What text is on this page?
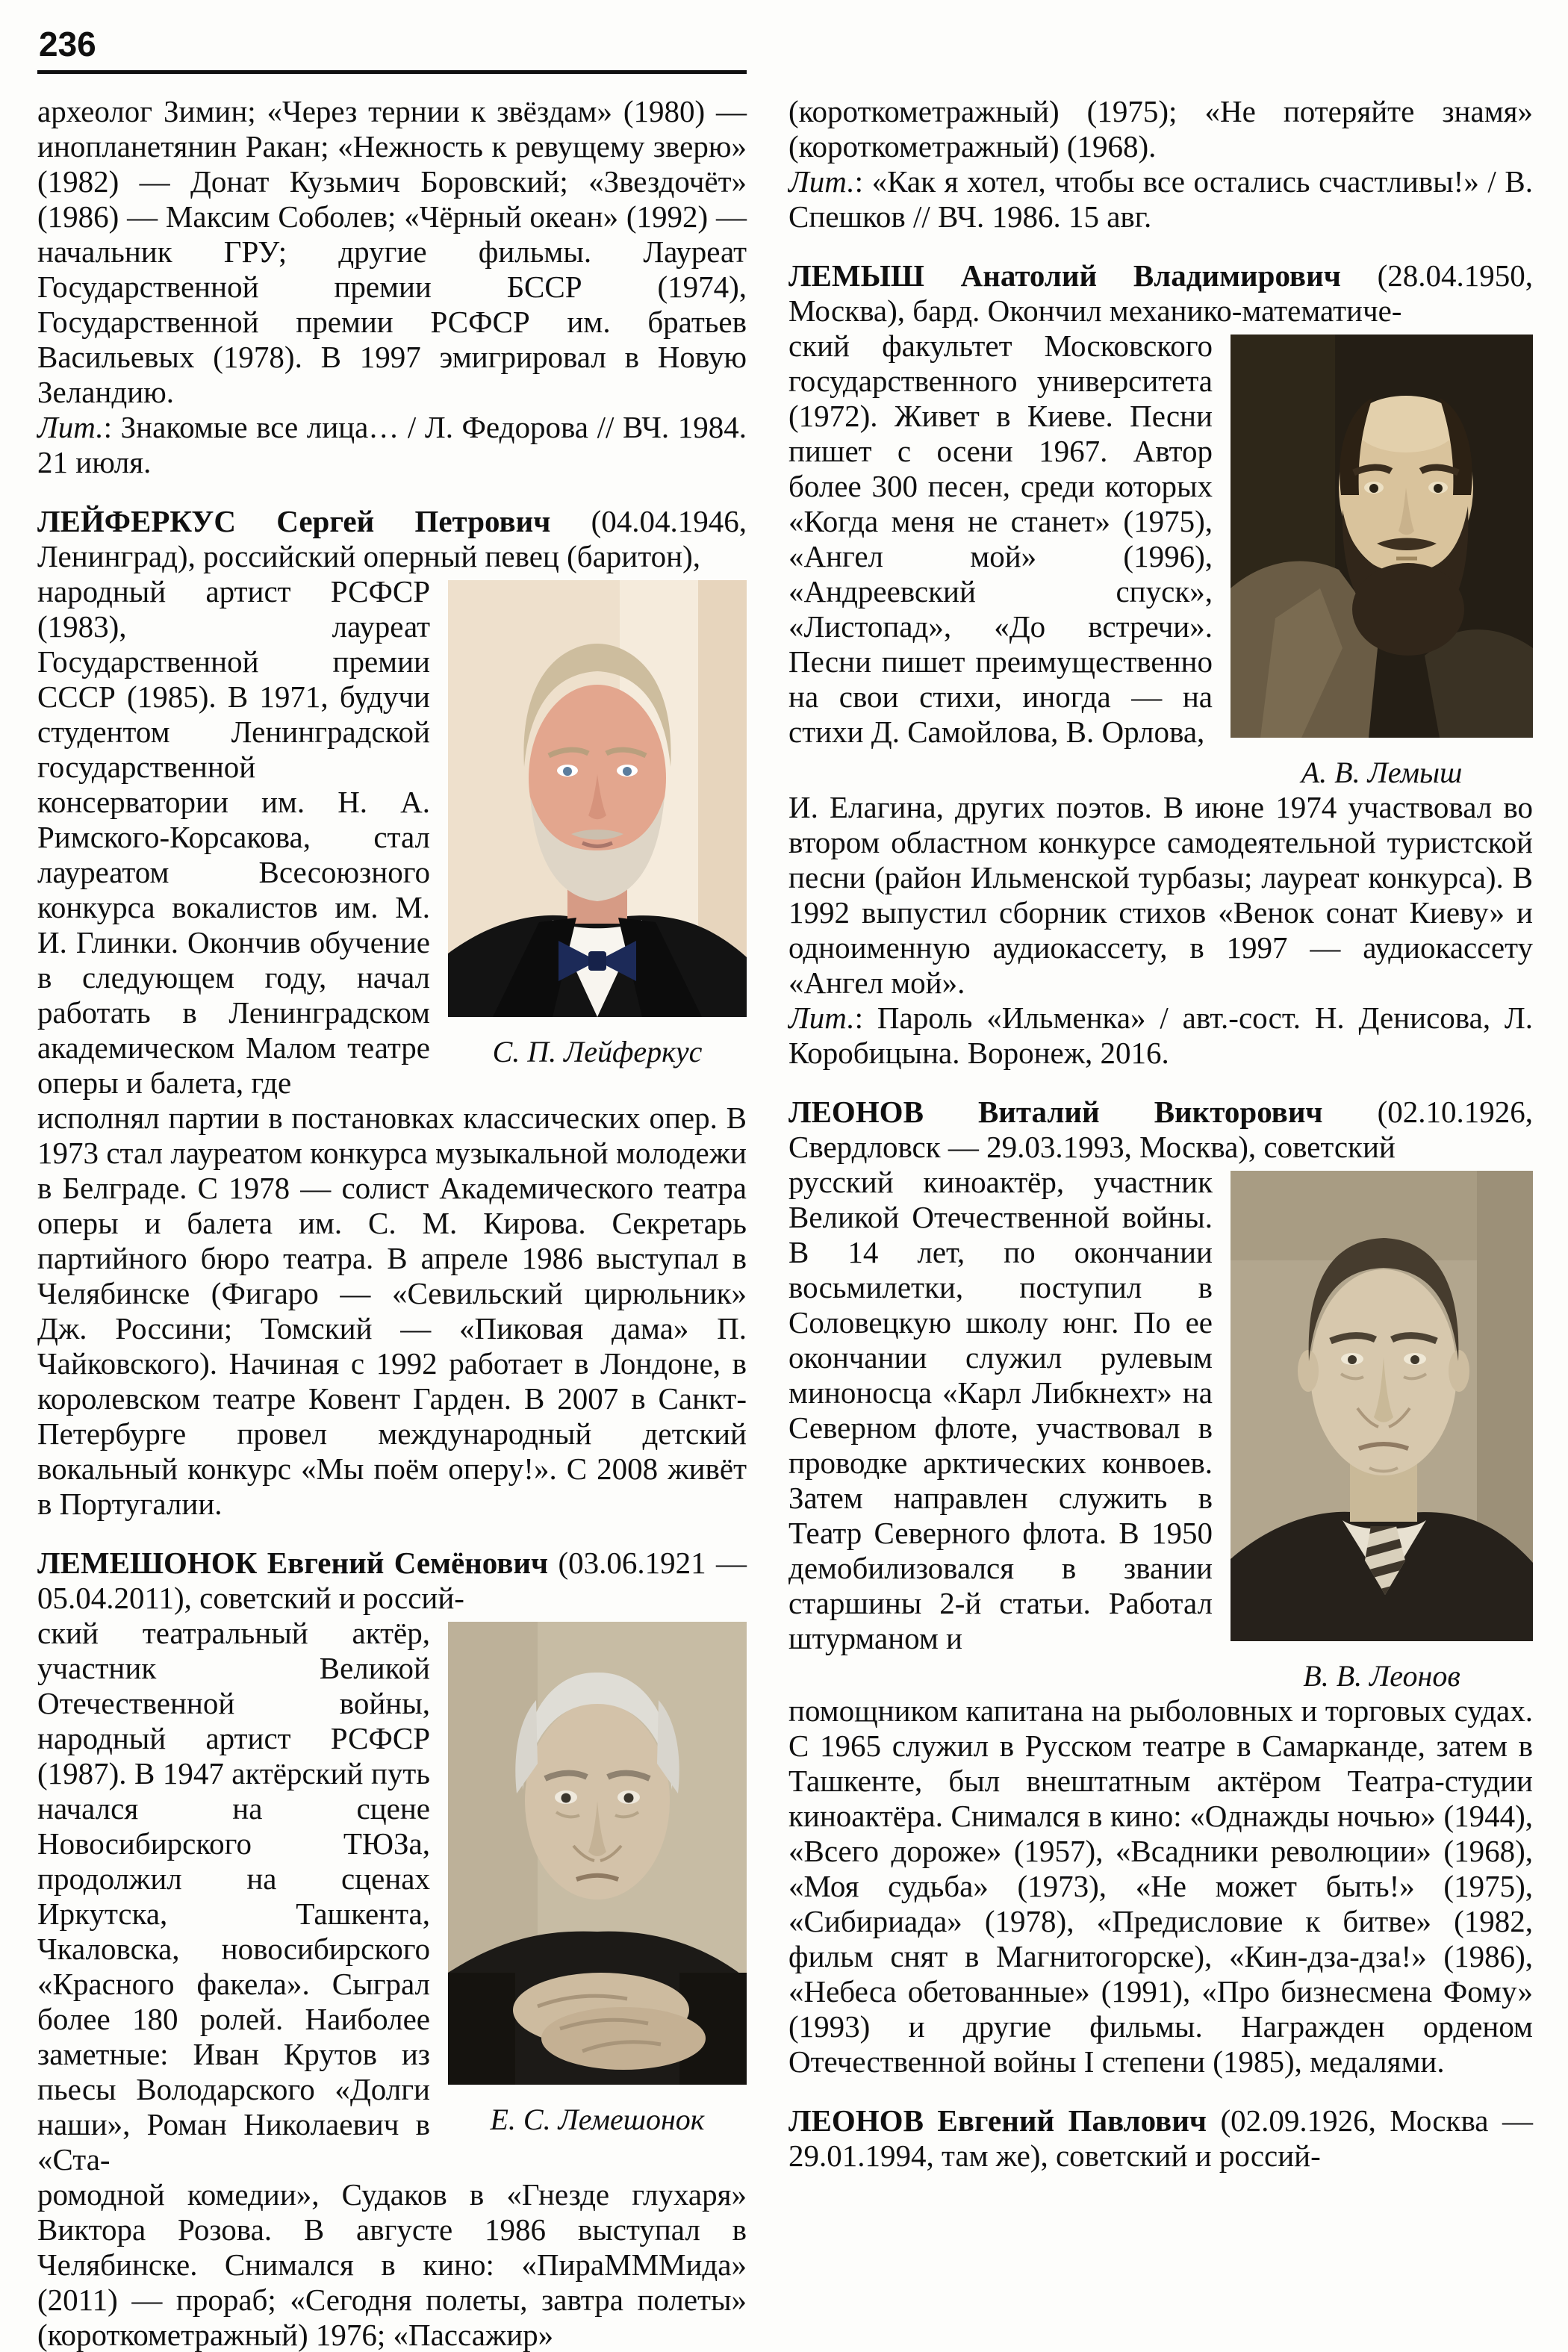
236

археолог Зимин; «Через тернии к звёздам» (1980) — инопланетянин Ракан; «Нежность к ревущему зверю» (1982) — Донат Кузьмич Боровский; «Звездочёт» (1986) — Максим Соболев; «Чёрный океан» (1992) — начальник ГРУ; другие фильмы. Лауреат Государственной премии БССР (1974), Государственной премии РСФСР им. братьев Васильевых (1978). В 1997 эмигрировал в Новую Зеландию.

Лит.: Знакомые все лица… / Л. Федорова // ВЧ. 1984. 21 июля.

ЛЕЙФЕРКУС Сергей Петрович (04.04.1946, Ленинград), российский оперный певец (баритон),

народный артист РСФСР (1983), лауреат Государственной премии СССР (1985). В 1971, будучи студентом Ленинградской государственной консерватории им. Н. А. Римского-Корсакова, стал лауреатом Всесоюзного конкурса вокалистов им. М. И. Глинки. Окончив обучение в следующем году, начал работать в Ленинградском академическом Малом театре оперы и балета, где

С. П. Лейферкус

исполнял партии в постановках классических опер. В 1973 стал лауреатом конкурса музыкальной молодежи в Белграде. С 1978 — солист Академического театра оперы и балета им. С. М. Кирова. Секретарь партийного бюро театра. В апреле 1986 выступал в Челябинске (Фигаро — «Севильский цирюльник» Дж. Россини; Томский — «Пиковая дама» П. Чайковского). Начиная с 1992 работает в Лондоне, в королевском театре Ковент Гарден. В 2007 в Санкт-Петербурге провел международный детский вокальный конкурс «Мы поём оперу!». С 2008 живёт в Португалии.

ЛЕМЕШОНОК Евгений Семёнович (03.06.1921 — 05.04.2011), советский и россий-

ский театральный актёр, участник Великой Отечественной войны, народный артист РСФСР (1987). В 1947 актёрский путь начался на сцене Новосибирского ТЮЗа, продолжил на сценах Иркутска, Ташкента, Чкаловска, новосибирского «Красного факела». Сыграл более 180 ролей. Наиболее заметные: Иван Крутов из пьесы Володарского «Долги наши», Роман Николаевич в «Ста-

Е. С. Лемешонок

ромодной комедии», Судаков в «Гнезде глухаря» Виктора Розова. В августе 1986 выступал в Челябинске. Снимался в кино: «ПираМММида» (2011) — прораб; «Сегодня полеты, завтра полеты» (короткометражный) 1976; «Пассажир»

(короткометражный) (1975); «Не потеряйте знамя» (короткометражный) (1968).

Лит.: «Как я хотел, чтобы все остались счастливы!» / В. Спешков // ВЧ. 1986. 15 авг.

ЛЕМЫШ Анатолий Владимирович (28.04.1950, Москва), бард. Окончил механико-математиче-

ский факультет Московского государственного университета (1972). Живет в Киеве. Песни пишет с осени 1967. Автор более 300 песен, среди которых «Когда меня не станет» (1975), «Ангел мой» (1996), «Андреевский спуск», «Листопад», «До встречи». Песни пишет преимущественно на свои стихи, иногда — на стихи Д. Самойлова, В. Орлова,

А. В. Лемыш

И. Елагина, других поэтов. В июне 1974 участвовал во втором областном конкурсе самодеятельной туристской песни (район Ильменской турбазы; лауреат конкурса). В 1992 выпустил сборник стихов «Венок сонат Киеву» и одноименную аудиокассету, в 1997 — аудиокассету «Ангел мой».

Лит.: Пароль «Ильменка» / авт.-сост. Н. Денисова, Л. Коробицына. Воронеж, 2016.

ЛЕОНОВ Виталий Викторович (02.10.1926, Свердловск — 29.03.1993, Москва), советский

русский киноактёр, участник Великой Отечественной войны. В 14 лет, по окончании восьмилетки, поступил в Соловецкую школу юнг. По ее окончании служил рулевым миноносца «Карл Либкнехт» на Северном флоте, участвовал в проводке арктических конвоев. Затем направлен служить в Театр Северного флота. В 1950 демобилизовался в звании старшины 2-й статьи. Работал штурманом и

В. В. Леонов

помощником капитана на рыболовных и торговых судах. С 1965 служил в Русском театре в Самарканде, затем в Ташкенте, был внештатным актёром Театра-студии киноактёра. Снимался в кино: «Однажды ночью» (1944), «Всего дороже» (1957), «Всадники революции» (1968), «Моя судьба» (1973), «Не может быть!» (1975), «Сибириада» (1978), «Предисловие к битве» (1982, фильм снят в Магнитогорске), «Кин-дза-дза!» (1986), «Небеса обетованные» (1991), «Про бизнесмена Фому» (1993) и другие фильмы. Награжден орденом Отечественной войны I степени (1985), медалями.

ЛЕОНОВ Евгений Павлович (02.09.1926, Москва — 29.01.1994, там же), советский и россий-
